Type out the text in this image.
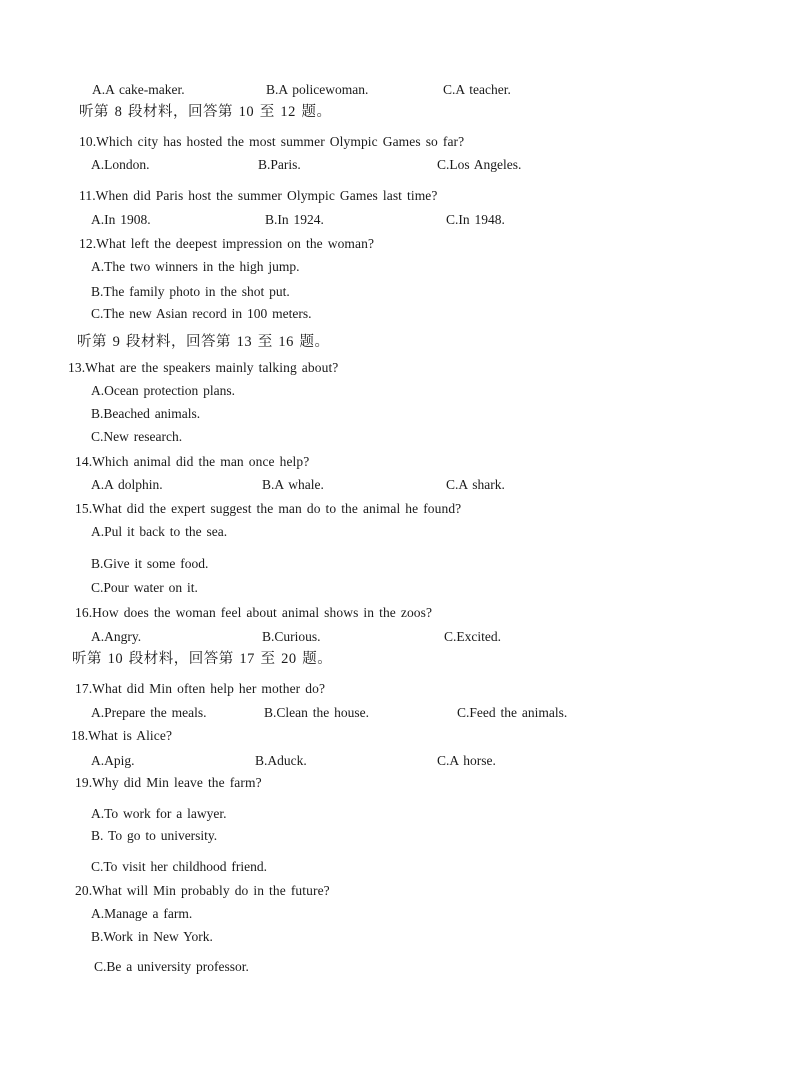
A.A cake-maker.	B.A policewoman.	C.A teacher.
听第 8 段材料，回答第 10 至 12 题。
10.Which city has hosted the most summer Olympic Games so far?
A.London.	B.Paris.	C.Los Angeles.
11.When did Paris host the summer Olympic Games last time?
A.In 1908.	B.In 1924.	C.In 1948.
12.What left the deepest impression on the woman?
A.The two winners in the high jump.
B.The family photo in the shot put.
C.The new Asian record in 100 meters.
听第 9 段材料，回答第 13 至 16 题。
13.What are the speakers mainly talking about?
A.Ocean protection plans.
B.Beached animals.
C.New research.
14.Which animal did the man once help?
A.A dolphin.	B.A whale.	C.A shark.
15.What did the expert suggest the man do to the animal he found?
A.Pul it back to the sea.
B.Give it some food.
C.Pour water on it.
16.How does the woman feel about animal shows in the zoos?
A.Angry.	B.Curious.	C.Excited.
听第 10 段材料，回答第 17 至 20 题。
17.What did Min often help her mother do?
A.Prepare the meals.	B.Clean the house.	C.Feed the animals.
18.What is Alice?
A.Apig.	B.Aduck.	C.A horse.
19.Why did Min leave the farm?
A.To work for a lawyer.
B. To go to university.
C.To visit her childhood friend.
20.What will Min probably do in the future?
A.Manage a farm.
B.Work in New York.
C.Be a university professor.
